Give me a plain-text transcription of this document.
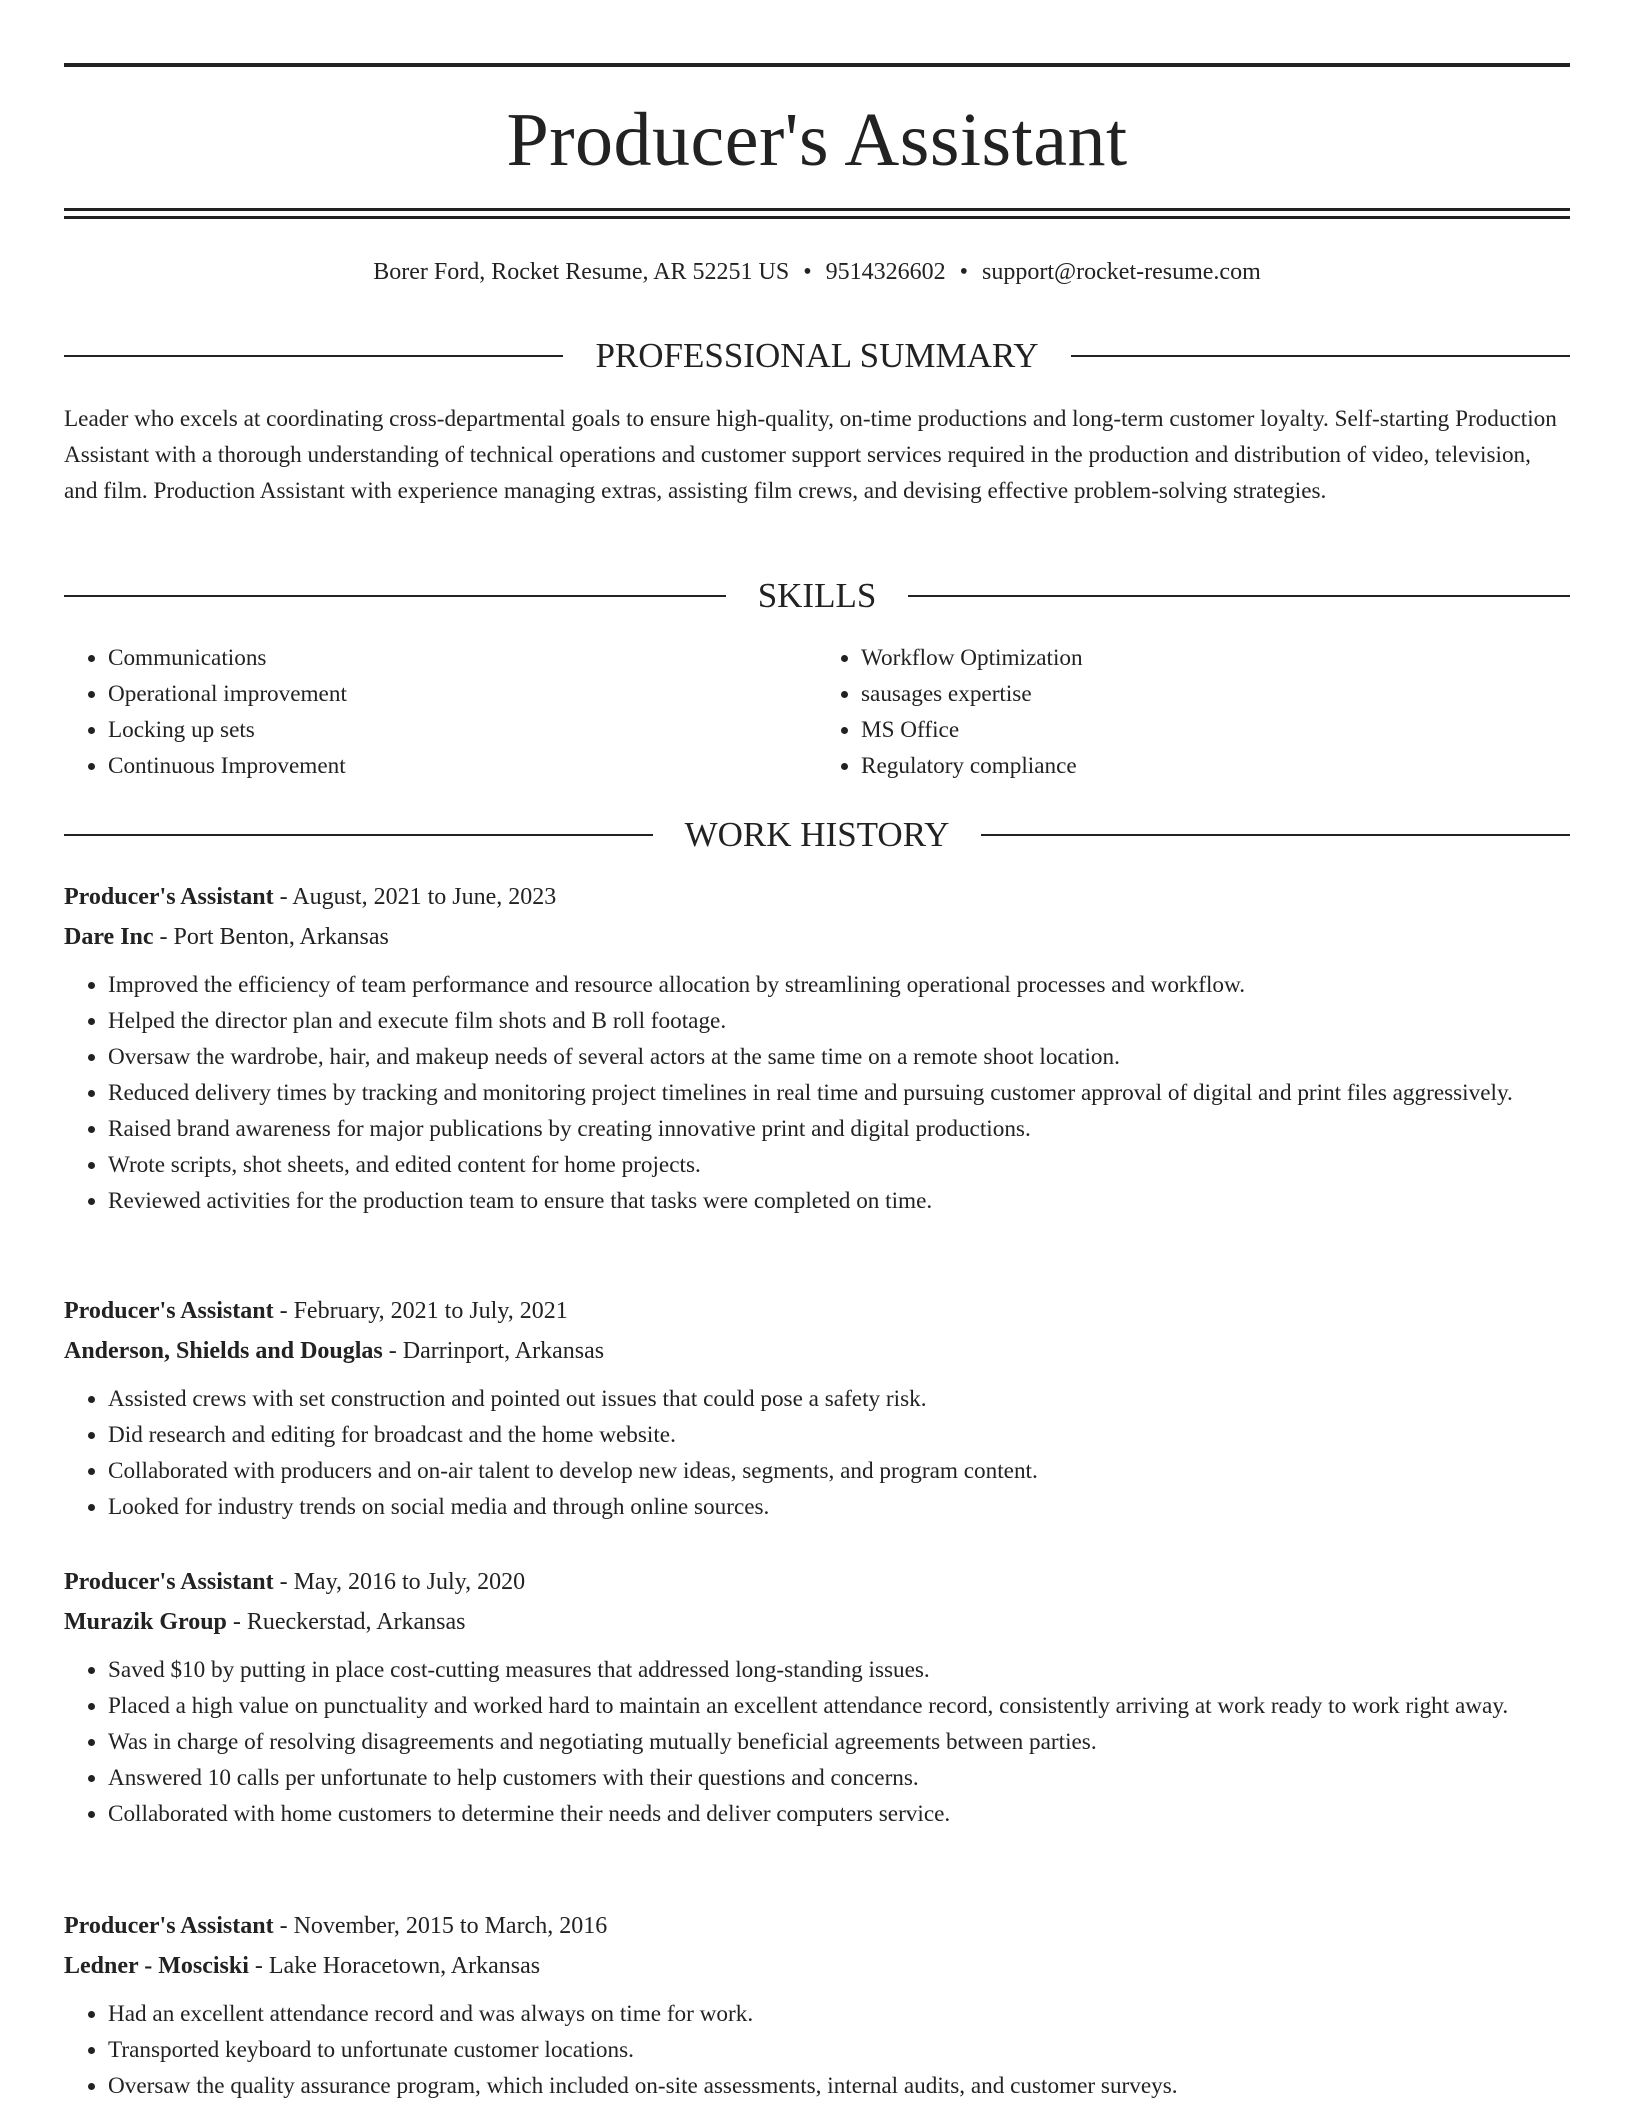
Producer's Assistant
Borer Ford, Rocket Resume, AR 52251 US • 9514326602 • support@rocket-resume.com
PROFESSIONAL SUMMARY
Leader who excels at coordinating cross-departmental goals to ensure high-quality, on-time productions and long-term customer loyalty. Self-starting Production Assistant with a thorough understanding of technical operations and customer support services required in the production and distribution of video, television, and film. Production Assistant with experience managing extras, assisting film crews, and devising effective problem-solving strategies.
SKILLS
• Communications
• Operational improvement
• Locking up sets
• Continuous Improvement
• Workflow Optimization
• sausages expertise
• MS Office
• Regulatory compliance
WORK HISTORY
Producer's Assistant - August, 2021 to June, 2023
Dare Inc - Port Benton, Arkansas
• Improved the efficiency of team performance and resource allocation by streamlining operational processes and workflow.
• Helped the director plan and execute film shots and B roll footage.
• Oversaw the wardrobe, hair, and makeup needs of several actors at the same time on a remote shoot location.
• Reduced delivery times by tracking and monitoring project timelines in real time and pursuing customer approval of digital and print files aggressively.
• Raised brand awareness for major publications by creating innovative print and digital productions.
• Wrote scripts, shot sheets, and edited content for home projects.
• Reviewed activities for the production team to ensure that tasks were completed on time.
Producer's Assistant - February, 2021 to July, 2021
Anderson, Shields and Douglas - Darrinport, Arkansas
• Assisted crews with set construction and pointed out issues that could pose a safety risk.
• Did research and editing for broadcast and the home website.
• Collaborated with producers and on-air talent to develop new ideas, segments, and program content.
• Looked for industry trends on social media and through online sources.
Producer's Assistant - May, 2016 to July, 2020
Murazik Group - Rueckerstad, Arkansas
• Saved $10 by putting in place cost-cutting measures that addressed long-standing issues.
• Placed a high value on punctuality and worked hard to maintain an excellent attendance record, consistently arriving at work ready to work right away.
• Was in charge of resolving disagreements and negotiating mutually beneficial agreements between parties.
• Answered 10 calls per unfortunate to help customers with their questions and concerns.
• Collaborated with home customers to determine their needs and deliver computers service.
Producer's Assistant - November, 2015 to March, 2016
Ledner - Mosciski - Lake Horacetown, Arkansas
• Had an excellent attendance record and was always on time for work.
• Transported keyboard to unfortunate customer locations.
• Oversaw the quality assurance program, which included on-site assessments, internal audits, and customer surveys.
